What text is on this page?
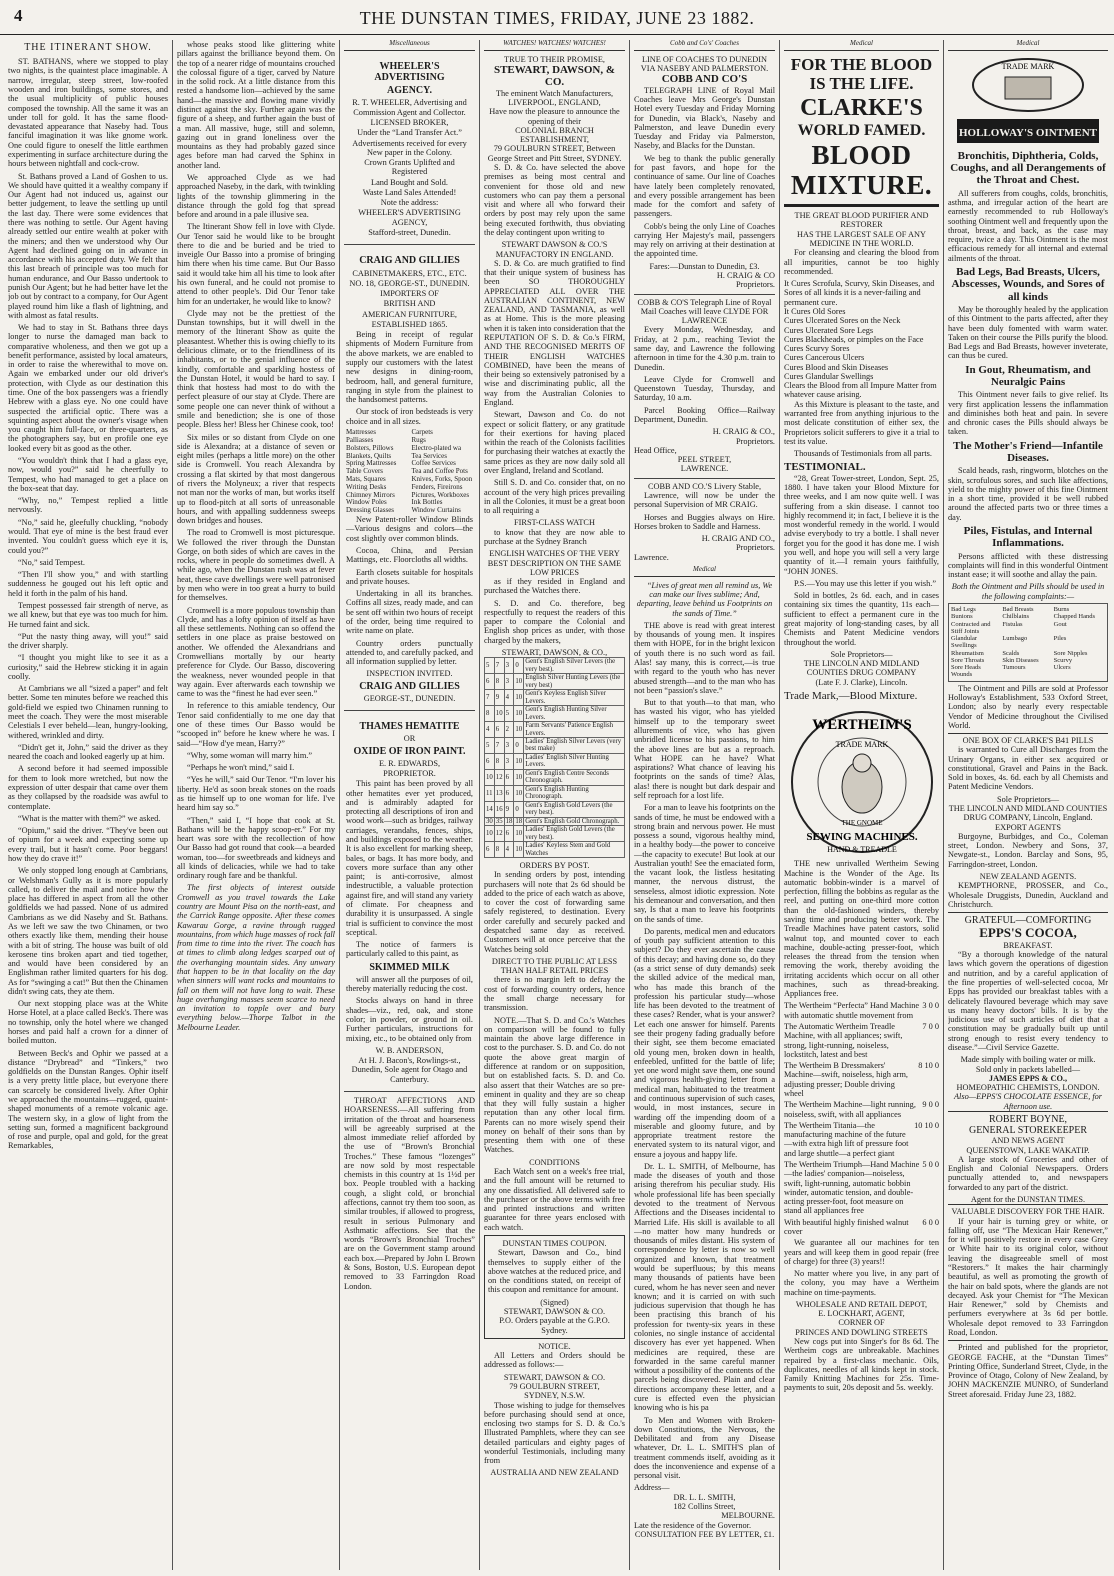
4	THE DUNSTAN TIMES, FRIDAY, JUNE 23 1882.
THE ITINERANT SHOW.

ST. BATHANS, where we stopped to play two nights, is the quaintest place imaginable. A narrow, irregular, steep street, low-roofed wooden and iron buildings, some stores, and the usual multiplicity of public houses composed the township. All the same it was an under toll for gold. It has the same flood-devastated appearance that Naseby had. Tous fanciful imagination it was like gnome work. One could figure to oneself the little earthmen experimenting in surface architecture during the hours between nightfall and cock-crow.

St. Bathans proved a Land of Goshen to us. We should have quitted it a wealthy company if Our Agent had not induced us, against our better judgement, to leave the settling up until the last day. There were some evidences that there was nothing to settle. Our Agent having already settled our entire wealth at poker with the miners; and then we understood why Our Agent had declined going on in advance in accordance with his accepted duty. We felt that this last breach of principle was too much for human endurance, and Our Basso undertook to punish Our Agent; but he had better have let the job out by contract to a company, for Our Agent played round him like a flash of lightning, and with almost as fatal results.

We had to stay in St. Bathans three days longer to nurse the damaged man back to comparative wholeness, and then we got up a benefit performance, assisted by local amateurs, in order to raise the wherewithal to move on. Again we embarked under our old driver's protection, with Clyde as our destination this time. One of the box passengers was a friendly Hebrew with a glass eye. No one could have suspected the artificial optic. There was a squinting aspect about the owner's visage when you caught him full-face, or three-quarters, as the photographers say, but en profile one eye looked every bit as good as the other.

“You wouldn't think that I had a glass eye, now, would you?” said he cheerfully to Tempest, who had managed to get a place on the box-seat that day.

“Why, no,” Tempest replied a little nervously.

“No,” said he, gleefully chuckling, “nobody would. That eye of mine is the best fraud ever invented. You couldn't guess which eye it is, could you?”

“No,” said Tempest.

“Then I'll show you,” and with startling suddenness he gouged out his left optic and held it forth in the palm of his hand.

Tempest possessed fair strength of nerve, as we all knew, but that eye was too much for him. He turned faint and sick.

“Put the nasty thing away, will you!” said the driver sharply.

“I thought you might like to see it as a curiosity,” said the Hebrew sticking it in again coolly.

At Cambrians we all “sized a paper” and felt better. Some ten minutes before we reached this gold-field we espied two Chinamen running to meet the coach. They were the most miserable Celestials I ever beheld—lean, hungry-looking, withered, wrinkled and dirty.

“Didn't get it, John,” said the driver as they neared the coach and looked eagerly up at him.

A second before it had seemed impossible for them to look more wretched, but now the expression of utter despair that came over them as they collapsed by the roadside was awful to contemplate.

“What is the matter with them?” we asked.

“Opium,” said the driver. “They've been out of opium for a week and expecting some up every trail, but it hasn't come. Poor beggars! how they do crave it!”

We only stopped long enough at Cambrians, or Welshman's Gully as it is more popularly called, to deliver the mail and notice how the place has differed in aspect from all the other goldfields we had passed. None of us admired Cambrians as we did Naseby and St. Bathans. As we left we saw the two Chinamen, or two others exactly like them, mending their house with a bit of string. The house was built of old kerosene tins broken apart and tied together, and would have been considered by an Englishman rather limited quarters for his dog. As for “swinging a cat!” But then the Chinamen didn't swing cats, they ate them.

Our next stopping place was at the White Horse Hotel, at a place called Beck's. There was no township, only the hotel where we changed horses and paid half a crown for a dinner of boiled mutton.

Between Beck's and Ophir we passed at a distance “Drybread” and “Tinkers,” two goldfields on the Dunstan Ranges. Ophir itself is a very pretty little place, but everyone there can scarcely be considered lively. After Ophir we approached the mountains—rugged, quaint-shaped monuments of a remote volcanic age. The western sky, in a glow of light from the setting sun, formed a magnificent background of rose and purple, opal and gold, for the great Remarkables,

whose peaks stood like glittering white pillars against the brilliance beyond them. On the top of a nearer ridge of mountains crouched the colossal figure of a tiger, carved by Nature in the solid rock. At a little distance from this rested a handsome lion—achieved by the same hand—the massive and flowing mane vividly distinct against the sky. Further again was the figure of a sheep, and further again the bust of a man. All massive, huge, still and solemn, gazing out in grand loneliness over the mountains as they had probably gazed since ages before man had carved the Sphinx in another land.

We approached Clyde as we had approached Naseby, in the dark, with twinkling lights of the township glimmering in the distance through the gold fog that spread before and around in a pale illusive sea.

The Itinerant Show fell in love with Clyde. Our Tenor said he would like to be brought there to die and be buried and be tried to inveigle Our Basso into a promise of bringing him there when his time came. But Our Basso said it would take him all his time to look after his own funeral, and he could not promise to attend to other people's. Did Our Tenor take him for an undertaker, he would like to know?

Clyde may not be the prettiest of the Dunstan townships, but it will dwell in the memory of the Itinerant Show as quite the pleasantest. Whether this is owing chiefly to its delicious climate, or to the friendliness of its inhabitants, or to the genial influence of the kindly, comfortable and sparkling hostess of the Dunstan Hotel, it would be hard to say. I think that hostess had most to do with the perfect pleasure of our stay at Clyde. There are some people one can never think of without a smile and benediction; she is one of those people. Bless her! Bless her Chinese cook, too!

Six miles or so distant from Clyde on one side is Alexandra; at a distance of seven or eight miles (perhaps a little more) on the other side is Cromwell. You reach Alexandra by crossing a flat skirted by that most dangerous of rivers the Molyneux; a river that respects not man nor the works of man, but works itself up to flood-pitch at all sorts of unreasonable hours, and with appalling suddenness sweeps down bridges and houses.

The road to Cromwell is most picturesque. We followed the river through the Dunstan Gorge, on both sides of which are caves in the rocks, where in people do sometimes dwell. A while ago, when the Dunstan rush was at fever heat, these cave dwellings were well patronised by men who were in too great a hurry to build for themselves.

Cromwell is a more populous township than Clyde, and has a lofty opinion of itself as have all these settlements. Nothing can so offend the settlers in one place as praise bestowed on another. We offended the Alexandrians and Cromwellians mortally by our hearty preference for Clyde. Our Basso, discovering the weakness, never wounded people in that way again. Ever afterwards each township we came to was the “finest he had ever seen.”

In reference to this amiable tendency, Our Tenor said confidentially to me one day that one of these times Our Basso would be “scooped in” before he knew where he was. I said—“How d'ye mean, Harry?”

“Why, some woman will marry him.”

“Perhaps he won't mind,” said I.

“Yes he will,” said Our Tenor. “I'm lover his liberty. He'd as soon break stones on the roads as tie himself up to one woman for life. I've heard him say so.”

“Then,” said I, “I hope that cook at St. Bathans will be the happy scoop-er.” For my heart was sore with the recollection of how Our Basso had got round that cook—a bearded woman, too—for sweetbreads and kidneys and all kinds of delicacies, while we had to take ordinary rough fare and be thankful.

The first objects of interest outside Cromwell as you travel towards the Lake country are Mount Pisa on the north-east, and the Carrick Range opposite. After these comes Kawarau Gorge, a ravine through rugged mountains, from which huge masses of rock fall from time to time into the river. The coach has at times to climb along ledges scarped out of the overhanging mountain sides. Any unwary that happen to be in that locality on the day when sinners will want rocks and mountains to fall on them will not have long to wait. These huge overhanging masses seem scarce to need an invitation to topple over and bury everything below.—Thorpe Talbot in the Melbourne Leader.

Miscellaneous
WHEELER'S ADVERTISING
AGENCY.
R. T. WHEELER, Advertising and Commission Agent and Collector.
LICENSED BROKER,
Under the “Land Transfer Act.”
Advertisements received for every New paper in the Colony.
Crown Grants Uplifted and Registered
Land Bought and Sold.
Waste Land Sales Attended!
Note the address:
WHEELER'S ADVERTISING AGENCY,
Stafford-street, Dunedin.
CRAIG AND GILLIES
CABINETMAKERS, ETC., ETC.
NO. 18, GEORGE-ST., DUNEDIN.
IMPORTERS OF
BRITISH AND
AMERICAN FURNITURE,
ESTABLISHED 1865.

Being in receipt of regular shipments of Modern Furniture from the above markets, we are enabled to supply our customers with the latest new designs in dining-room, bedroom, hall, and general furniture, ranging in style from the plainest to the handsomest patterns.

Our stock of iron bedsteads is very choice and in all sizes.

Mattresses
Palliasses
Bolsters, Pillows
Blankets, Quilts
Spring Mattresses
Table Covers
Mats, Squares
Writing Desks
Chimney Mirrors
Window Poles
Dressing Glasses
Carpets
Rugs
Electro-plated wa
Tea Services
Coffee Services
Tea and Coffee Pots
Knives, Forks, Spoon
Fenders, Fireirons
Pictures, Workboxes
Ink Bottles
Window Curtains

New Patent-roller Window Blinds—Various designs and colors—the cost slightly over common blinds.

Cocoa, China, and Persian Mattings, etc. Floorcloths all widths.

Earth closets suitable for hospitals and private houses.

Undertaking in all its branches. Coffins all sizes, ready made, and can be sent off within two hours of receipt of the order, being time required to write name on plate.

Country orders punctually attended to, and carefully packed, and all information supplied by letter.

INSPECTION INVITED.
CRAIG AND GILLIES
GEORGE-ST., DUNEDIN.
THAMES HEMATITE
OR
OXIDE OF IRON PAINT.
E. R. EDWARDS,
PROPRIETOR.

This paint has been proved by all other hematites ever yet produced, and is admirably adapted for protecting all descriptions of iron and wood work—such as bridges, railway carriages, verandahs, fences, ships, and buildings exposed to the weather. It is also excellent for marking sheep, bales, or bags. It has more body, and covers more surface than any other paint; is anti-corrosive, almost indestructible, a valuable protection against fire, and will stand any variety of climate. For cheapness and durability it is unsurpassed. A single trial is sufficient to convince the most sceptical.

The notice of farmers is particularly called to this paint, as

SKIMMED MILK

will answer all the purposes of oil, thereby materially reducing the cost.

Stocks always on hand in three shades—viz., red, oak, and stone color; in powder, or ground in oil. Further particulars, instructions for mixing, etc., to be obtained only from

W. B. ANDERSON,
At H. J. Bacon's, Rowlings-st., Dunedin, Sole agent for Otago and Canterbury.

THROAT AFFECTIONS AND HOARSENESS.—All suffering from irritation of the throat and hoarseness will be agreeably surprised at the almost immediate relief afforded by the use of “Brown's Bronchial Troches.” These famous “lozenges” are now sold by most respectable chemists in this country at 1s 1½d per box. People troubled with a hacking cough, a slight cold, or bronchial affections, cannot try them too soon, as similar troubles, if allowed to progress, result in serious Pulmonary and Asthmatic affections. See that the words “Brown's Bronchial Troches” are on the Government stamp around each box.—Prepared by John I. Brown & Sons, Boston, U.S. European depot removed to 33 Farringdon Road London.

WATCHES! WATCHES! WATCHES!
TRUE TO THEIR PROMISE,
STEWART, DAWSON, & CO.
The eminent Watch Manufacturers, LIVERPOOL, ENGLAND,
Have now the pleasure to announce the opening of their
COLONIAL BRANCH ESTABLISHMENT,
79 GOULBURN STREET, Between George Street and Pitt Street, SYDNEY.

S. D. & Co. have selected the above premises as being most central and convenient for those old and new customers who can pay them a personal visit and where all who forward their orders by post may rely upon the same being executed forthwith, thus obviating the delay contingent upon writing to

STEWART DAWSON & CO.'S MANUFACTORY IN ENGLAND.

S. D. & Co. are much gratified to find that their unique system of business has been SO THOROUGHLY APPRECIATED ALL OVER THE AUSTRALIAN CONTINENT, NEW ZEALAND, AND TASMANIA, as well as at Home. This is the more pleasing when it is taken into consideration that the REPUTATION OF S. D. & Co.'s FIRM, AND THE RECOGNISED MERITS OF THEIR ENGLISH WATCHES COMBINED, have been the means of their being so extensively patronised by a wise and discriminating public, all the way from the Australian Colonies to England.

Stewart, Dawson and Co. do not expect or solicit flattery, or any gratitude for their exertions for having placed within the reach of the Colonists facilities for purchasing their watches at exactly the same prices as they are now daily sold all over England, Ireland and Scotland.

Still S. D. and Co. consider that, on no account of the very high prices prevailing in all the Colonies, it must be a great boon to all requiring a

FIRST-CLASS WATCH

to know that they are now able to purchase at the Sydney Branch

ENGLISH WATCHES OF THE VERY BEST DESCRIPTION ON THE SAME LOW PRICES

as if they resided in England and purchased the Watches there.

S. D. and Co. therefore, beg respectfully to request the readers of this paper to compare the Colonial and English shop prices as under, with those charged by the makers,

STEWART, DAWSON, & CO.,
5	7	3	0	Gent's English Silver Levers (the very best).
6	8	3	10	English Silver Hunting Levers (the very best)
7	9	4	10	Gent's Keyless English Silver Levers.
8	10	5	10	Gent's English Hunting Silver Levers.
4	6	2	10	Farm Servants' Patience English Levers.
5	7	3	0	Ladies' English Silver Levers (very best make)
6	8	3	10	Ladies' English Silver Hunting Levers.
10	12	6	10	Gent's English Centre Seconds Chronograph.
11	13	6	10	Gent's English Hunting Chronograph.
14	16	9	0	Gent's English Gold Levers (the very best).
30	35	18	18	Gent's English Gold Chronograph.
10	12	6	10	Ladies' English Gold Levers (the very best).
6	8	4	10	Ladies' Keyless Stem and Gold Watches
ORDERS BY POST.

In sending orders by post, intending purchasers will note that 2s 6d should be added to the price of each watch as above, to cover the cost of forwarding same safely registered, to destination. Every order carefully and securely packed and despatched same day as received. Customers will at once perceive that the Watches being sold

DIRECT TO THE PUBLIC AT LESS THAN HALF RETAIL PRICES

there is no margin left to defray the cost of forwarding country orders, hence the small charge necessary for transmission.

NOTE.—That S. D. and Co.'s Watches on comparison will be found to fully maintain the above large difference in cost to the purchaser. S. D. and Co. do not quote the above great margin of difference at random or on supposition, but on established facts. S. D. and Co. also assert that their Watches are so pre-eminent in quality and they are so cheap that they will fully sustain a higher reputation than any other local firm. Parents can no more wisely spend their money on behalf of their sons than by presenting them with one of these Watches.

CONDITIONS

Each Watch sent on a week's free trial, and the full amount will be returned to any one dissatisfied. All delivered safe to the purchaser or the above terms with free and printed instructions and written guarantee for three years enclosed with each watch.

DUNSTAN TIMES COUPON.

Stewart, Dawson and Co., bind themselves to supply either of the above watches at the reduced price, and on the conditions stated, on receipt of this coupon and remittance for amount.

(Signed)
STEWART, DAWSON & CO.
P.O. Orders payable at the G.P.O. Sydney.
NOTICE.

All Letters and Orders should be addressed as follows:—

STEWART, DAWSON & CO.
79 GOULBURN STREET,
SYDNEY, N.S.W.

Those wishing to judge for themselves before purchasing should send at once, enclosing two stamps for S. D. & Co.'s Illustrated Pamphlets, where they can see detailed particulars and eighty pages of wonderful Testimonials, including many from

AUSTRALIA AND NEW ZEALAND
Cobb and Co's' Coaches
LINE OF COACHES TO DUNEDIN VIA NASEBY AND PALMERSTON.
COBB AND CO'S

TELEGRAPH LINE of Royal Mail Coaches leave Mrs George's Dunstan Hotel every Tuesday and Friday Morning for Dunedin, via Black's, Naseby and Palmerston, and leave Dunedin every Tuesday and Friday via Palmerston, Naseby, and Blacks for the Dunstan.

We beg to thank the public generally for past favors, and hope for the continuance of same. Our line of Coaches have lately been completely renovated, and every possible arrangement has been made for the comfort and safety of passengers.

Cobb's being the only Line of Coaches carrying Her Majesty's mail, passengers may rely on arriving at their destination at the appointed time.

Fares:—Dunstan to Dunedin, £3.
H. CRAIG & CO
Proprietors.
COBB & CO'S Telegraph Line of Royal Mail Coaches will leave CLYDE FOR LAWRENCE

Every Monday, Wednesday, and Friday, at 2 p.m., reaching Teviot the same day, and Lawrence the following afternoon in time for the 4.30 p.m. train to Dunedin.

Leave Clyde for Cromwell and Queenstown Tuesday, Thursday, and Saturday, 10 a.m.

Parcel Booking Office—Railway Department, Dunedin.

H. CRAIG & CO.,
Proprietors.
Head Office,
PEEL STREET,
LAWRENCE.
COBB AND CO.'S Livery Stable,

Lawrence, will now be under the personal Supervision of MR CRAIG.

Horses and Buggies always on Hire. Horses broken to Saddle and Harness.

H. CRAIG AND CO.,
Proprietors.
Lawrence.
Medical

“Lives of great men all remind us, We can make our lives sublime; And, departing, leave behind us Footprints on the sands of Time.”

THE above is read with great interest by thousands of young men. It inspires them with HOPE, for in the bright lexicon of youth there is no such word as fail. Alas! say many, this is correct,—is true with regard to the youth who has never abused strength—and to the man who has not been “passion's slave.”

But to that youth—to that man, who has wasted his vigor, who has yielded himself up to the temporary sweet allurements of vice, who has given unbridled license to his passions, to him the above lines are but as a reproach. What HOPE can he have? What aspirations? What chance of leaving his footprints on the sands of time? Alas, alas! there is nought but dark despair and self reproach for a lost life.

For a man to leave his footprints on the sands of time, he must be endowed with a strong brain and nervous power. He must possess a sound, vigorous healthy mind, in a healthy body—the power to conceive—the capacity to execute! But look at our Australian youth! See the emaciated form, the vacant look, the listless hesitating manner, the nervous distrust, the senseless, almost idiotic expression. Note his demeanour and conversation, and then say, Is that a man to leave his footprints on the sands of time.

Do parents, medical men and educators of youth pay sufficient attention to this subject? Do they ever ascertain the cause of this decay; and having done so, do they (as a strict sense of duty demands) seek the skilled advice of the medical man, who has made this branch of the profession his particular study—whose life has been devoted to the treatment of these cases? Render, what is your answer? Let each one answer for himself. Parents see their progeny fading gradually before their sight, see them become emaciated old young men, broken down in health, enfeebled, unfitted for the battle of life; yet one word might save them, one sound and vigorous health-giving letter from a medical man, habituated to the treatment and continuous supervision of such cases, would, in most instances, secure in warding off the impending doom of a miserable and gloomy future, and by appropriate treatment restore the enervated system to its natural vigor, and ensure a joyous and happy life.

Dr. L. L. SMITH, of Melbourne, has made the diseases of youth and those arising therefrom his peculiar study. His whole professional life has been specially devoted to the treatment of Nervous Affections and the Diseases incidental to Married Life. His skill is available to all—no matter how many hundreds or thousands of miles distant. His system of correspondence by letter is now so well organized and known, that treatment would be superfluous; by this means many thousands of patients have been cured, whom he has never seen and never known; and it is carried on with such judicious supervision that though he has been practising this branch of his profession for twenty-six years in these colonies, no single instance of accidental discovery has ever yet happened. When medicines are required, these are forwarded in the same careful manner without a possibility of the contents of the parcels being discovered. Plain and clear directions accompany these letter, and a cure is effected even the physician knowing who is his pa

To Men and Women with Broken-down Constitutions, the Nervous, the Debilitated and from any Disease whatever, Dr. L. L. SMITH'S plan of treatment commends itself, avoiding as it does the inconvenience and expense of a personal visit.

Address—
DR. L. L. SMITH,
182 Collins Street,
MELBOURNE.
Late the residence of the Governor.
CONSULTATION FEE BY LETTER, £1.
Medical
FOR THE BLOOD IS THE LIFE.
CLARKE'S
WORLD FAMED.
BLOOD MIXTURE.
THE GREAT BLOOD PURIFIER AND RESTORER
HAS THE LARGEST SALE OF ANY MEDICINE IN THE WORLD.

For cleansing and clearing the blood from all impurities, cannot be too highly recommended.

It Cures Scrofula, Scurvy, Skin Diseases, and Sores of all kinds it is a never-failing and permanent cure.
It Cures Old Sores
Cures Ulcerated Sores on the Neck
Cures Ulcerated Sore Legs
Cures Blackheads, or pimples on the Face
Cures Scurvy Sores
Cures Cancerous Ulcers
Cures Blood and Skin Diseases
Cures Glandular Swellings
Clears the Blood from all Impure Matter from whatever cause arising.

As this Mixture is pleasant to the taste, and warranted free from anything injurious to the most delicate constitution of either sex, the Proprietors solicit sufferers to give it a trial to test its value.

Thousands of Testimonials from all parts.

TESTIMONIAL.

“28, Great Tower-street, London, Sept. 25, 1880. I have taken your Blood Mixture for three weeks, and I am now quite well. I was suffering from a skin disease. I cannot too highly recommend it; in fact, I believe it is the most wonderful remedy in the world. I would advise everybody to try a bottle. I shall never forget you for the good it has done me. I wish you well, and hope you will sell a very large quantity of it.—I remain yours faithfully, “JOHN JONES.

P.S.—You may use this letter if you wish.”

Sold in bottles, 2s 6d. each, and in cases containing six times the quantity, 11s each—sufficient to effect a permanent cure in the great majority of long-standing cases, by all Chemists and Patent Medicine vendors throughout the world.

Sole Proprietors—
THE LINCOLN AND MIDLAND COUNTIES DRUG COMPANY
(Late F. J. Clarke), Lincoln.
Trade Mark,—Blood Mixture.
WERTHEIM'S
TRADE MARK
THE GNOME
SEWING MACHINES.
HAND & TREADLE

THE new unrivalled Wertheim Sewing Machine is the Wonder of the Age. Its automatic bobbin-winder is a marvel of perfection, filling the bobbins as regular as the reel, and putting on one-third more cotton than the old-fashioned winders, thereby saving time and producing better work. The Treadle Machines have patent castors, solid walnut top, and mounted cover to each machine, double-acting presser-foot, which releases the thread from the tension when removing the work, thereby avoiding the irritating accidents which occur on all other machines, such as thread-breaking. Appliances free.

The Wertheim “Perfecta” Hand Machine with automatic shuttle movement from
3 0 0
The Automatic Wertheim Treadle Machine, with all appliances; swift, strong, light-running, noiseless, lockstitch, latest and best
7 0 0
The Wertheim B Dressmakers' Machine—swift, noiseless, high arm, adjusting presser; Double driving wheel
8 10 0
The Wertheim Machine—light running, noiseless, swift, with all appliances
9 0 0
The Wertheim Titania—the manufacturing machine of the future—with extra high lift of pressure foot and large shuttle—a perfect giant
10 10 0
The Wertheim Triumph—Hand Machine—the ladies' companion—noiseless, swift, light-running, automatic bobbin winder, automatic tension, and double-acting presser-foot, foot measure on stand all appliances free
5 0 0
With beautiful highly finished walnut cover
6 0 0

We guarantee all our machines for ten years and will keep them in good repair (free of charge) for three (3) years!!

No matter where you live, in any part of the colony, you may have a Wertheim machine on time-payments.

WHOLESALE AND RETAIL DEPOT,
E. LOCKHART, AGENT,
CORNER OF
PRINCES AND DOWLING STREETS

New cogs put into Singer's for 8s 6d. The Wertheim cogs are unbreakable. Machines repaired by a first-class mechanic. Oils, duplicates, needles of all kinds kept in stock. Family Knitting Machines for 25s. Time-payments to suit, 20s deposit and 5s. weekly.

Medical
TRADE MARK
HOLLOWAY'S OINTMENT
Bronchitis, Diphtheria, Colds, Coughs, and all Derangements of the Throat and Chest.

All sufferers from coughs, colds, bronchitis, asthma, and irregular action of the heart are earnestly recommended to rub Holloway's soothing Ointment well and frequently upon the throat, breast, and back, as the case may require, twice a day. This Ointment is the most efficacious remedy for all internal and external ailments of the throat.

Bad Legs, Bad Breasts, Ulcers, Abscesses, Wounds, and Sores of all kinds

May be thoroughly healed by the application of this Ointment to the parts affected, after they have been duly fomented with warm water. Taken on their course the Pills purify the blood. Bad Legs and Bad Breasts, however inveterate, can thus be cured.

In Gout, Rheumatism, and Neuralgic Pains

This Ointment never fails to give relief. Its very first application lessens the inflammation and diminishes both heat and pain. In severe and chronic cases the Pills should always be taken.

The Mother's Friend—Infantile Diseases.

Scald heads, rash, ringworm, blotches on the skin, scrofulous sores, and such like affections, yield to the mighty power of this fine Ointment in a short time, provided it be well rubbed around the affected parts two or three times a day.

Piles, Fistulas, and Internal Inflammations.

Persons afflicted with these distressing complaints will find in this wonderful Ointment instant ease; it will soothe and allay the pain.

Both the Ointment and Pills should be used in the following complaints:—
Bad Legs	Bad Breasts	Burns
Bunions	Chilblains	Chapped Hands
Contracted and Stiff Joints
Fistulas	Gout
Glandular Swellings
Lumbago	Piles
Rheumatism	Scalds	Sore Nipples
Sore Throats	Skin Diseases	Scurvy
Sore Heads	Tumours	Ulcers
Wounds

The Ointment and Pills are sold at Professor Holloway's Establishment, 533 Oxford Street, London; also by nearly every respectable Vendor of Medicine throughout the Civilised World.

ONE BOX OF CLARKE'S B41 PILLS

is warranted to Cure all Discharges from the Urinary Organs, in either sex acquired or constitutional, Gravel and Pains in the Back. Sold in boxes, 4s. 6d. each by all Chemists and Patent Medicine Vendors.

Sole Proprietors—
THE LINCOLN AND MIDLAND COUNTIES DRUG COMPANY, Lincoln, England.
EXPORT AGENTS

Burgoyne, Burbidges, and Co., Coleman street, London. Newbery and Sons, 37, Newgate-st., London. Barclay and Sons, 95, Farringdon-street, London.

NEW ZEALAND AGENTS.

KEMPTHORNE, PROSSER, and Co., Wholesale Druggists, Dunedin, Auckland and Christchurch.

GRATEFUL—COMFORTING
EPPS'S COCOA,
BREAKFAST.

“By a thorough knowledge of the natural laws which govern the operations of digestion and nutrition, and by a careful application of the fine properties of well-selected cocoa, Mr Epps has provided our breakfast tables with a delicately flavoured beverage which may save us many heavy doctors' bills. It is by the judicious use of such articles of diet that a constitution may be gradually built up until strong enough to resist every tendency to disease.”—Civil Service Gazette.

Made simply with boiling water or milk.
Sold only in packets labelled—
JAMES EPPS & CO.,
HOMEOPATHIC CHEMISTS, LONDON.
Also—EPPS'S CHOCOLATE ESSENCE, for Afternoon use.
ROBERT BOYNE,
GENERAL STOREKEEPER
AND NEWS AGENT
QUEENSTOWN, LAKE WAKATIP.

A large stock of Groceries and other of English and Colonial Newspapers. Orders punctually attended to, and newspapers forwarded to any part of the district.

Agent for the DUNSTAN TIMES.
VALUABLE DISCOVERY FOR THE HAIR.

If your hair is turning grey or white, or falling off, use “The Mexican Hair Renewer,” for it will positively restore in every case Grey or White hair to its original color, without leaving the disagreeable smell of most “Restorers.” It makes the hair charmingly beautiful, as well as promoting the growth of the hair on bald spots, where the glands are not decayed. Ask your Chemist for “The Mexican Hair Renewer,” sold by Chemists and perfumers everywhere at 3s 6d per bottle. Wholesale depot removed to 33 Farringdon Road, London.

Printed and published for the proprietor, GEORGE FACHE, at the “Dunstan Times” Printing Office, Sunderland Street, Clyde, in the Province of Otago, Colony of New Zealand, by JOHN MACKENZIE MUNRO, of Sunderland Street aforesaid. Friday June 23, 1882.
